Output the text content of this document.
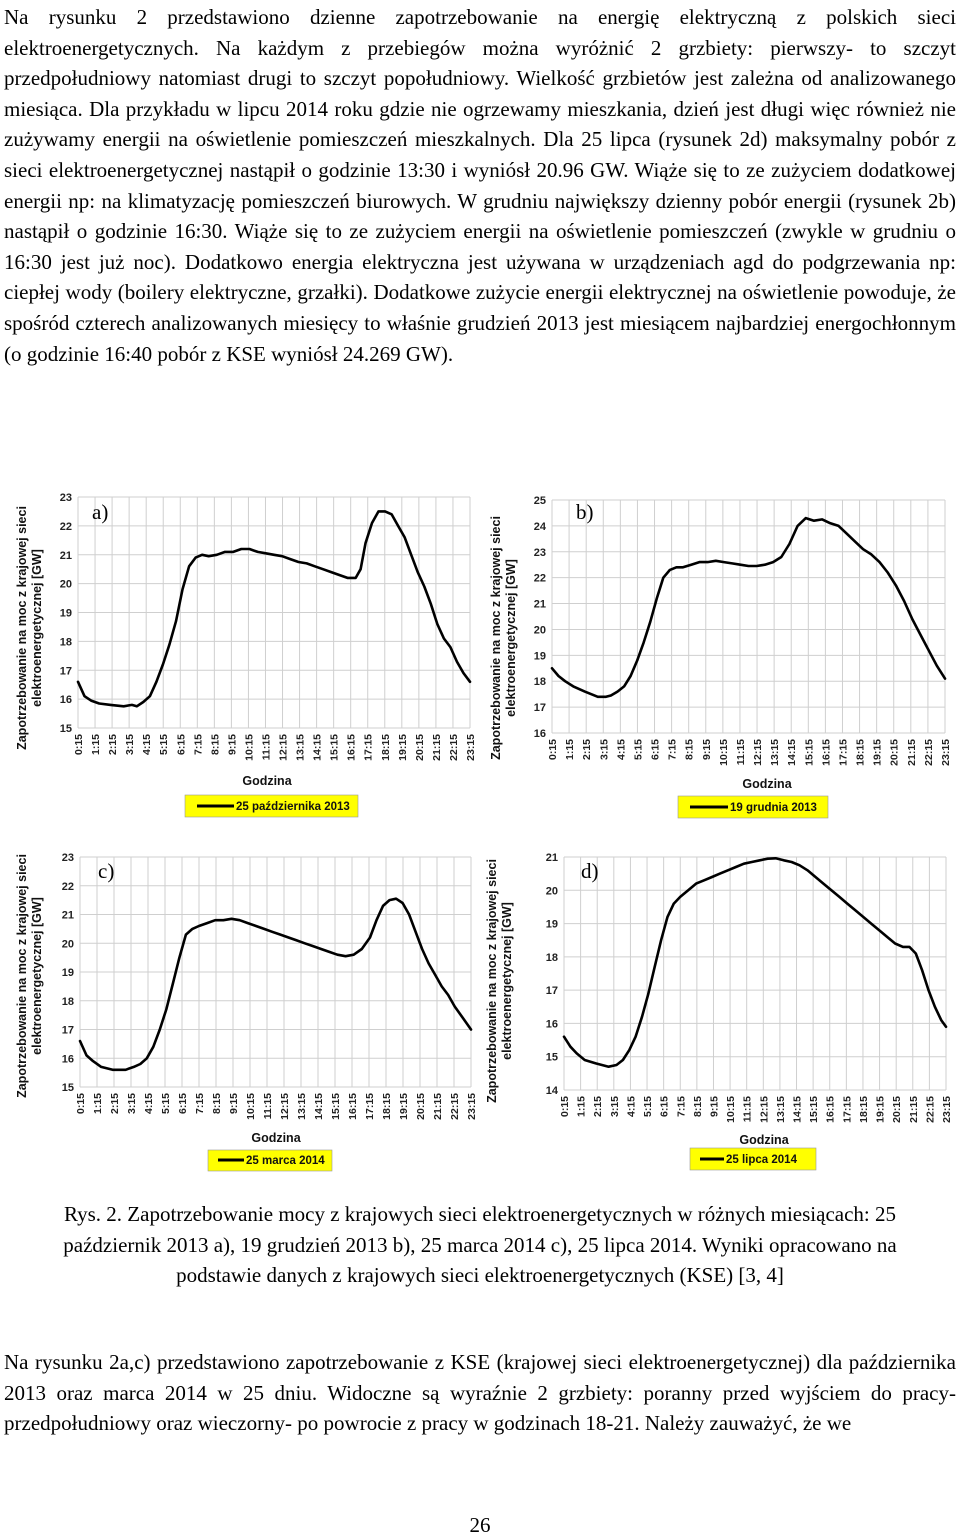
Na rysunku 2 przedstawiono dzienne zapotrzebowanie na energię elektryczną z polskich sieci elektroenergetycznych. Na każdym z przebiegów można wyróżnić 2 grzbiety: pierwszy- to szczyt przedpołudniowy natomiast drugi to szczyt popołudniowy. Wielkość grzbietów jest zależna od analizowanego miesiąca. Dla przykładu w lipcu 2014 roku gdzie nie ogrzewamy mieszkania, dzień jest długi więc również nie zużywamy energii na oświetlenie pomieszczeń mieszkalnych. Dla 25 lipca (rysunek 2d) maksymalny pobór z sieci elektroenergetycznej nastąpił o godzinie 13:30 i wyniósł 20.96 GW. Wiąże się to ze zużyciem dodatkowej energii np: na klimatyzację pomieszczeń biurowych. W grudniu największy dzienny pobór energii (rysunek 2b) nastąpił o godzinie 16:30. Wiąże się to ze zużyciem energii na oświetlenie pomieszczeń (zwykle w grudniu o 16:30 jest już noc). Dodatkowo energia elektryczna jest używana w urządzeniach agd do podgrzewania np: ciepłej wody (boilery elektryczne, grzałki). Dodatkowe zużycie energii elektrycznej na oświetlenie powoduje, że spośród czterech analizowanych miesięcy to właśnie grudzień 2013 jest miesiącem najbardziej energochłonnym (o godzinie 16:40 pobór z KSE wyniósł 24.269 GW).

0:15 1:15 2:15 3:15 4:15 5:15 6:15 7:15 8:15 9:15 10:15 11:15 12:15 13:15 14:15 15:15 16:15 17:15 18:15 19:15 20:15 21:15 22:15 23:15
15
16
17
18
19
20
21
22
23
Zapotrzebowanie na moc z krajowej sieci elektroenergetycznej [GW]
a)
Godzina
25 października 2013
0:15 1:15 2:15 3:15 4:15 5:15 6:15 7:15 8:15 9:15 10:15 11:15 12:15 13:15 14:15 15:15 16:15 17:15 18:15 19:15 20:15 21:15 22:15 23:15
16
17
18
19
20
21
22
23
24
25
Zapotrzebowanie na moc z krajowej sieci elektroenergetycznej [GW]
b)
Godzina
19 grudnia 2013
0:15 1:15 2:15 3:15 4:15 5:15 6:15 7:15 8:15 9:15 10:15 11:15 12:15 13:15 14:15 15:15 16:15 17:15 18:15 19:15 20:15 21:15 22:15 23:15
15
16
17
18
19
20
21
22
23
Zapotrzebowanie na moc z krajowej sieci elektroenergetycznej [GW]
c)
Godzina
25 marca 2014
0:15 1:15 2:15 3:15 4:15 5:15 6:15 7:15 8:15 9:15 10:15 11:15 12:15 13:15 14:15 15:15 16:15 17:15 18:15 19:15 20:15 21:15 22:15 23:15
14
15
16
17
18
19
20
21
Zapotrzebowanie na moc z krajowej sieci elektroenergetycznej [GW]
d)
Godzina
25 lipca 2014

Rys. 2. Zapotrzebowanie mocy z krajowych sieci elektroenergetycznych w różnych miesiącach: 25 październik 2013 a), 19 grudzień 2013 b), 25 marca 2014 c), 25 lipca 2014. Wyniki opracowano na podstawie danych z krajowych sieci elektroenergetycznych (KSE) [3, 4]

Na rysunku 2a,c) przedstawiono zapotrzebowanie z KSE (krajowej sieci elektroenergetycznej) dla października 2013 oraz marca 2014 w 25 dniu. Widoczne są wyraźnie 2 grzbiety: poranny przed wyjściem do pracy- przedpołudniowy oraz wieczorny- po powrocie z pracy w godzinach 18-21. Należy zauważyć, że we

26
